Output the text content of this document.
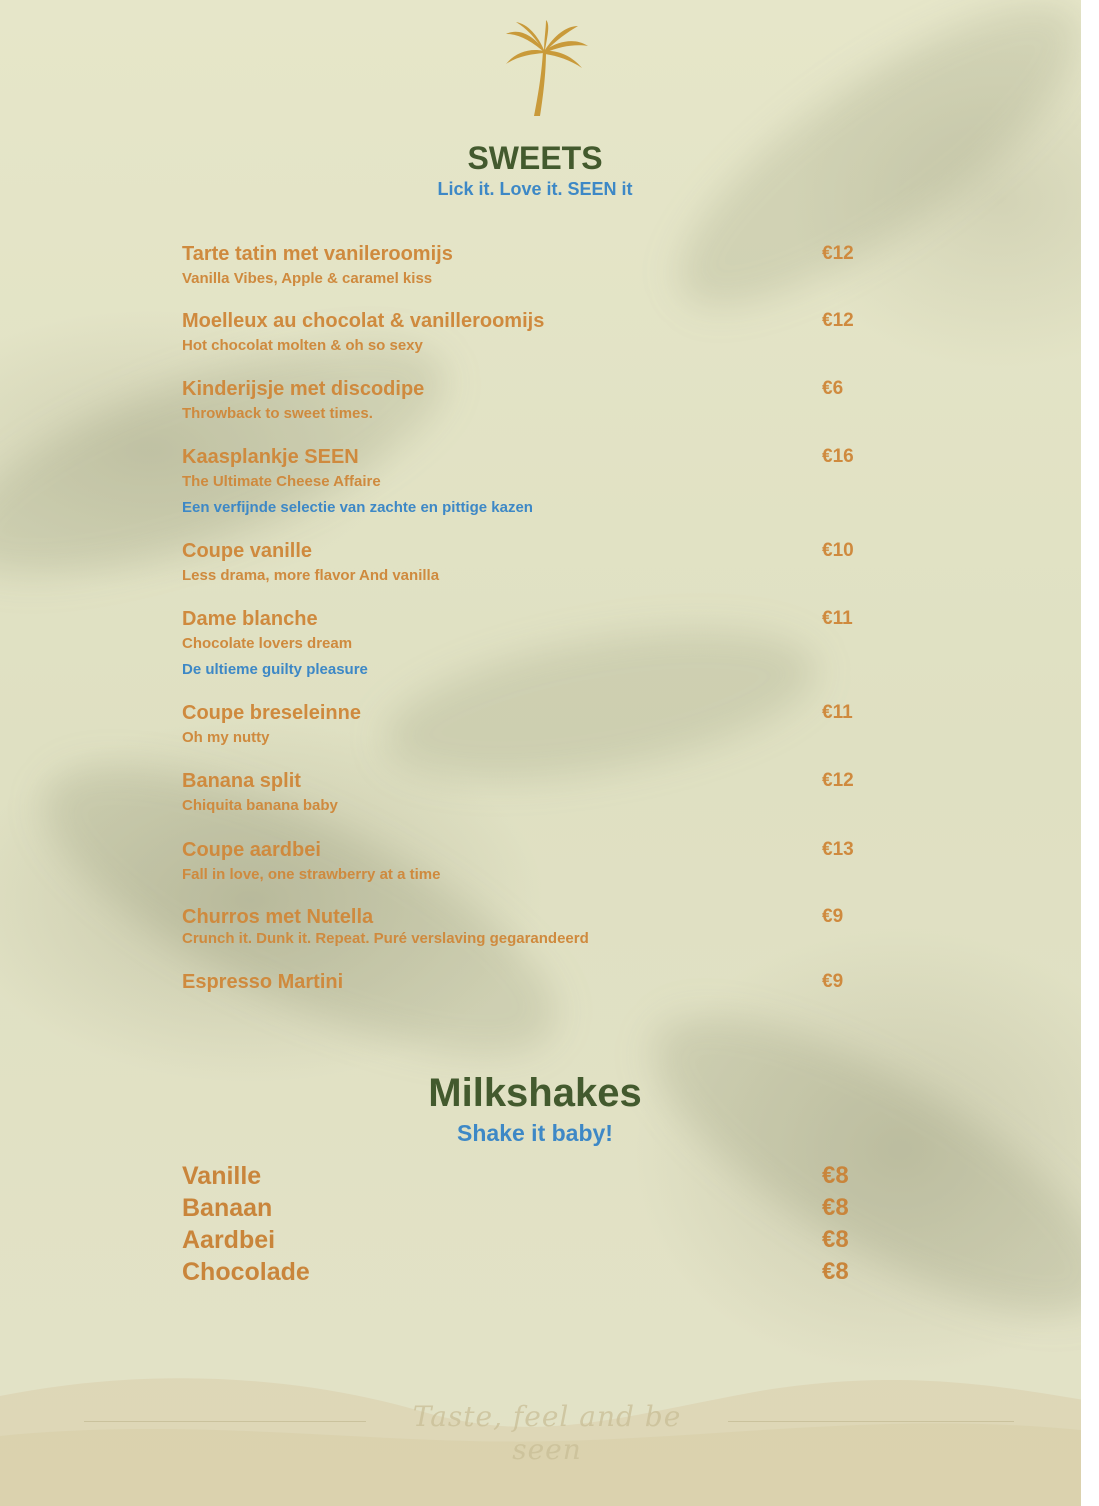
SWEETS
Lick it. Love it. SEEN it
Tarte tatin met vanileroomijs
Vanilla Vibes, Apple & caramel kiss
€12
Moelleux au chocolat & vanilleroomijs
Hot chocolat molten & oh so sexy
€12
Kinderijsje met discodipe
Throwback to sweet times.
€6
Kaasplankje SEEN
The Ultimate Cheese Affaire
Een verfijnde selectie van zachte en pittige kazen
€16
Coupe vanille
Less drama, more flavor And vanilla
€10
Dame blanche
Chocolate lovers dream
De ultieme guilty pleasure
€11
Coupe breseleinne
Oh my nutty
€11
Banana split
Chiquita banana baby
€12
Coupe aardbei
Fall in love, one strawberry at a time
€13
Churros met Nutella
Crunch it. Dunk it. Repeat. Puré verslaving gegarandeerd
€9
Espresso Martini	€9
Milkshakes
Shake it baby!
Vanille	€8
Banaan	€8
Aardbei	€8
Chocolade	€8
Taste, feel and be seen
